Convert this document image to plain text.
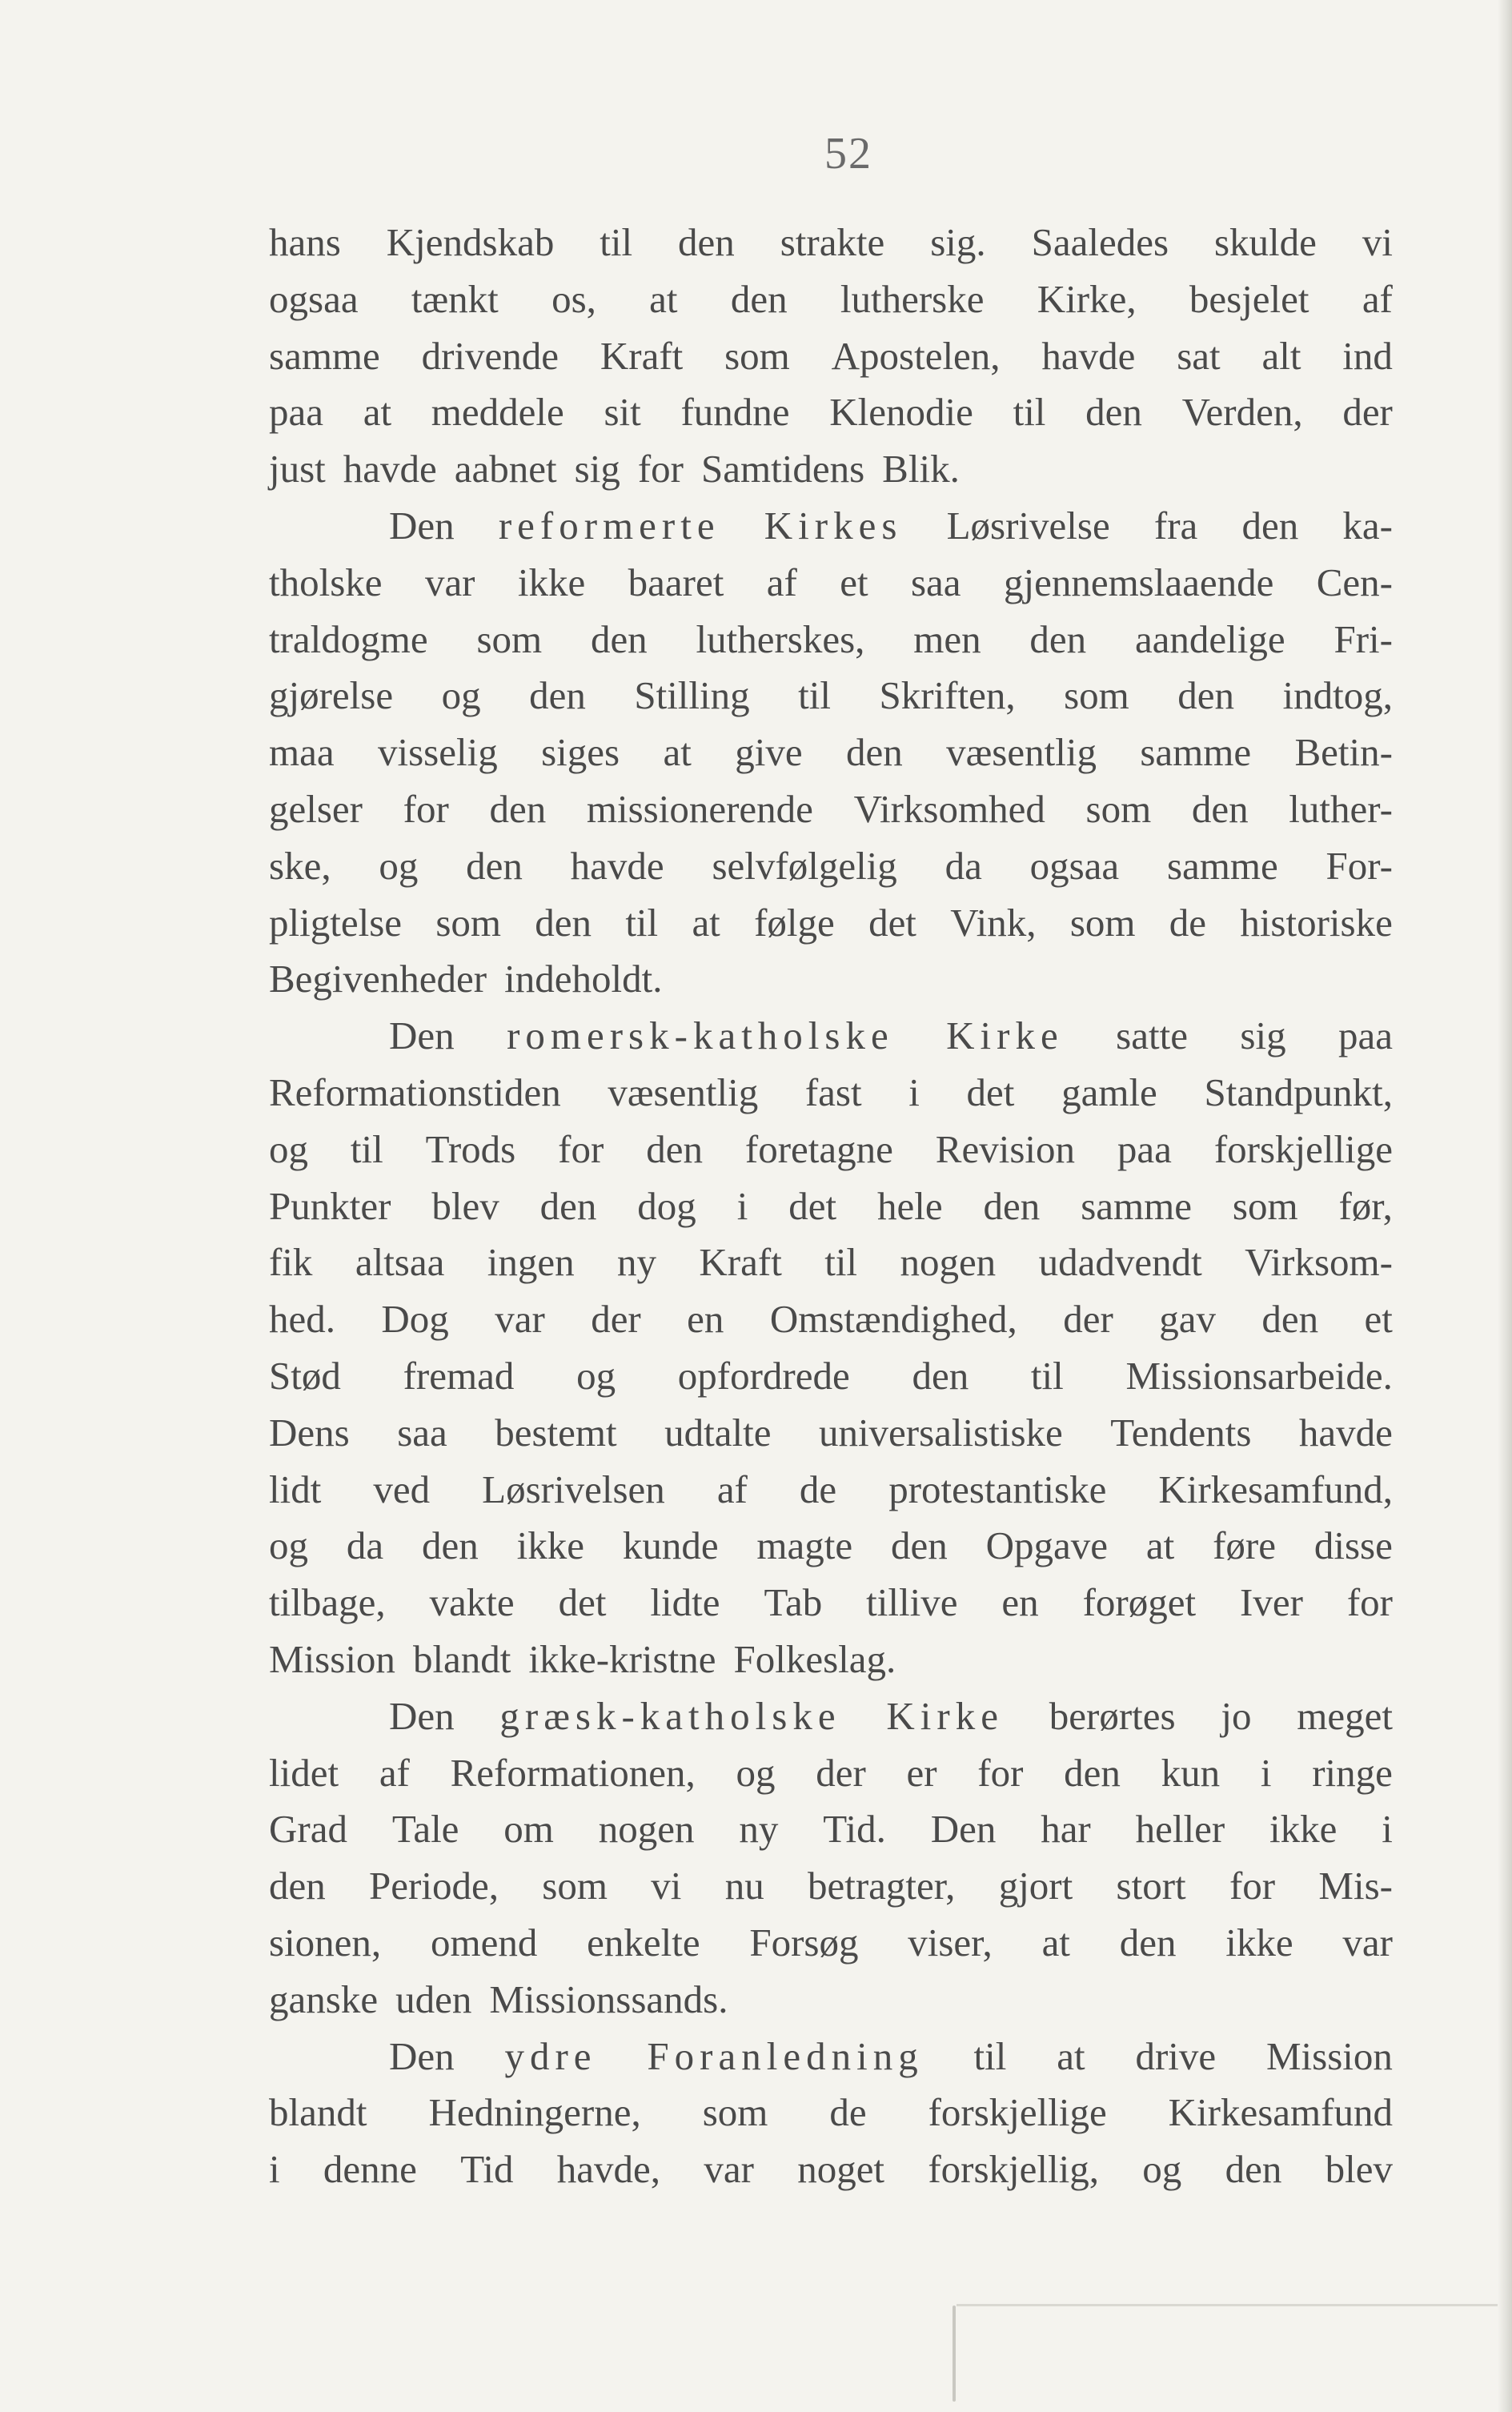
52
hans Kjendskab til den strakte sig. Saaledes skulde vi
ogsaa tænkt os, at den lutherske Kirke, besjelet af
samme drivende Kraft som Apostelen, havde sat alt ind
paa at meddele sit fundne Klenodie til den Verden, der
just havde aabnet sig for Samtidens Blik.
Den reformerte Kirkes Løsrivelse fra den ka-
tholske var ikke baaret af et saa gjennemslaaende Cen-
traldogme som den lutherskes, men den aandelige Fri-
gjørelse og den Stilling til Skriften, som den indtog,
maa visselig siges at give den væsentlig samme Betin-
gelser for den missionerende Virksomhed som den luther-
ske, og den havde selvfølgelig da ogsaa samme For-
pligtelse som den til at følge det Vink, som de historiske
Begivenheder indeholdt.
Den romersk-katholske Kirke satte sig paa
Reformationstiden væsentlig fast i det gamle Standpunkt,
og til Trods for den foretagne Revision paa forskjellige
Punkter blev den dog i det hele den samme som før,
fik altsaa ingen ny Kraft til nogen udadvendt Virksom-
hed. Dog var der en Omstændighed, der gav den et
Stød fremad og opfordrede den til Missionsarbeide.
Dens saa bestemt udtalte universalistiske Tendents havde
lidt ved Løsrivelsen af de protestantiske Kirkesamfund,
og da den ikke kunde magte den Opgave at føre disse
tilbage, vakte det lidte Tab tillive en forøget Iver for
Mission blandt ikke-kristne Folkeslag.
Den græsk-katholske Kirke berørtes jo meget
lidet af Reformationen, og der er for den kun i ringe
Grad Tale om nogen ny Tid. Den har heller ikke i
den Periode, som vi nu betragter, gjort stort for Mis-
sionen, omend enkelte Forsøg viser, at den ikke var
ganske uden Missionssands.
Den ydre Foranledning til at drive Mission
blandt Hedningerne, som de forskjellige Kirkesamfund
i denne Tid havde, var noget forskjellig, og den blev
